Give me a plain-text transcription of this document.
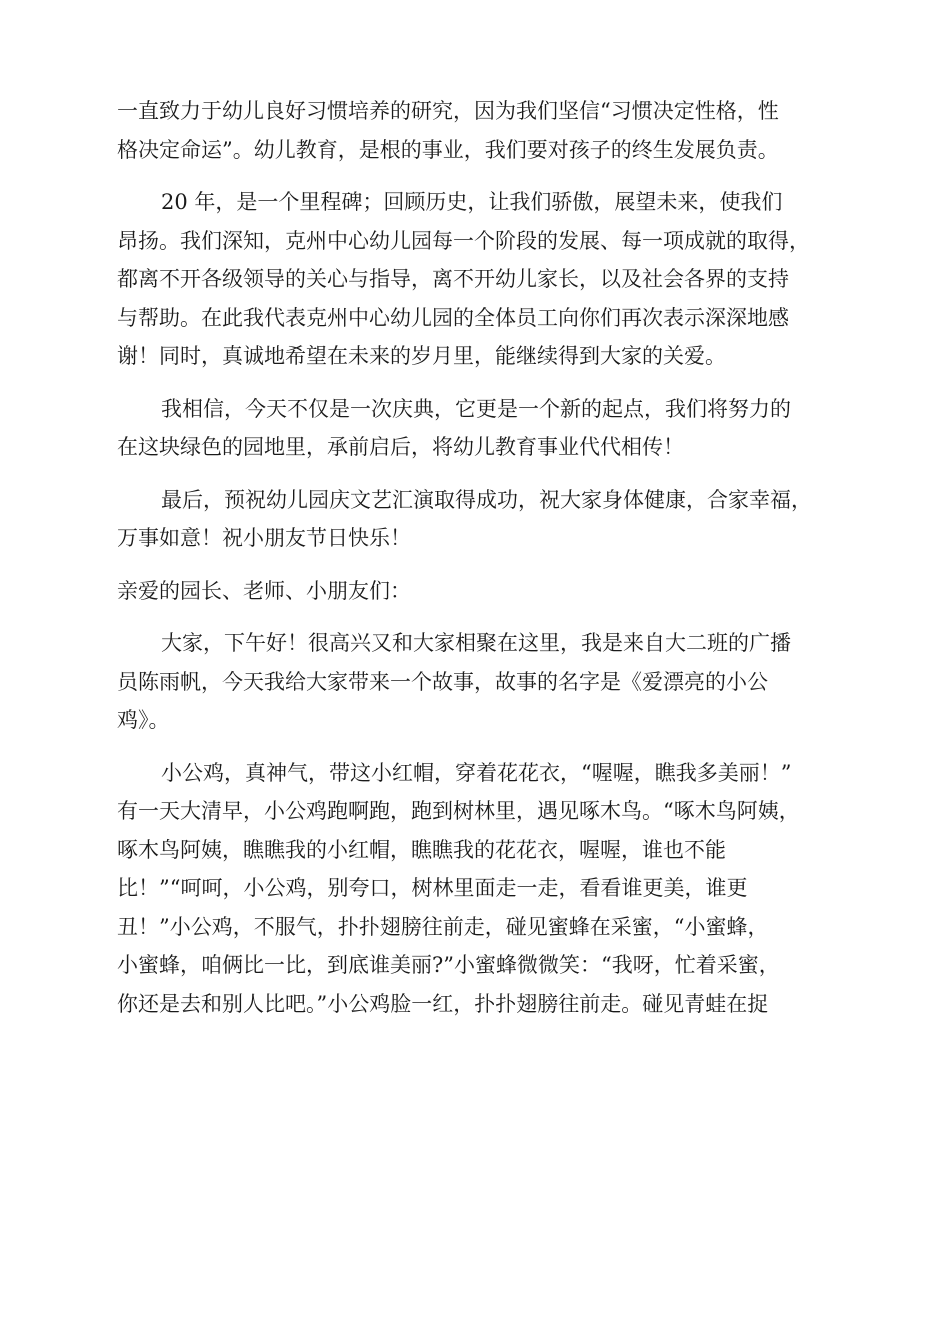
一直致力于幼儿良好习惯培养的研究，因为我们坚信“习惯决定性格，性
格决定命运”。幼儿教育，是根的事业，我们要对孩子的终生发展负责。
20 年，是一个里程碑；回顾历史，让我们骄傲，展望未来，使我们
昂扬。我们深知，克州中心幼儿园每一个阶段的发展、每一项成就的取得，
都离不开各级领导的关心与指导，离不开幼儿家长，以及社会各界的支持
与帮助。在此我代表克州中心幼儿园的全体员工向你们再次表示深深地感
谢！同时，真诚地希望在未来的岁月里，能继续得到大家的关爱。
我相信，今天不仅是一次庆典，它更是一个新的起点，我们将努力的
在这块绿色的园地里，承前启后，将幼儿教育事业代代相传！
最后，预祝幼儿园庆文艺汇演取得成功，祝大家身体健康，合家幸福，
万事如意！祝小朋友节日快乐！
亲爱的园长、老师、小朋友们：
大家，下午好！很高兴又和大家相聚在这里，我是来自大二班的广播
员陈雨帆，今天我给大家带来一个故事，故事的名字是《爱漂亮的小公
鸡》。
小公鸡，真神气，带这小红帽，穿着花花衣，“喔喔，瞧我多美丽！”
有一天大清早，小公鸡跑啊跑，跑到树林里，遇见啄木鸟。“啄木鸟阿姨，
啄木鸟阿姨，瞧瞧我的小红帽，瞧瞧我的花花衣，喔喔，谁也不能
比！”“呵呵，小公鸡，别夸口，树林里面走一走，看看谁更美，谁更
丑！”小公鸡，不服气，扑扑翅膀往前走，碰见蜜蜂在采蜜，“小蜜蜂，
小蜜蜂，咱俩比一比，到底谁美丽?”小蜜蜂微微笑：“我呀，忙着采蜜，
你还是去和别人比吧。”小公鸡脸一红，扑扑翅膀往前走。碰见青蛙在捉
